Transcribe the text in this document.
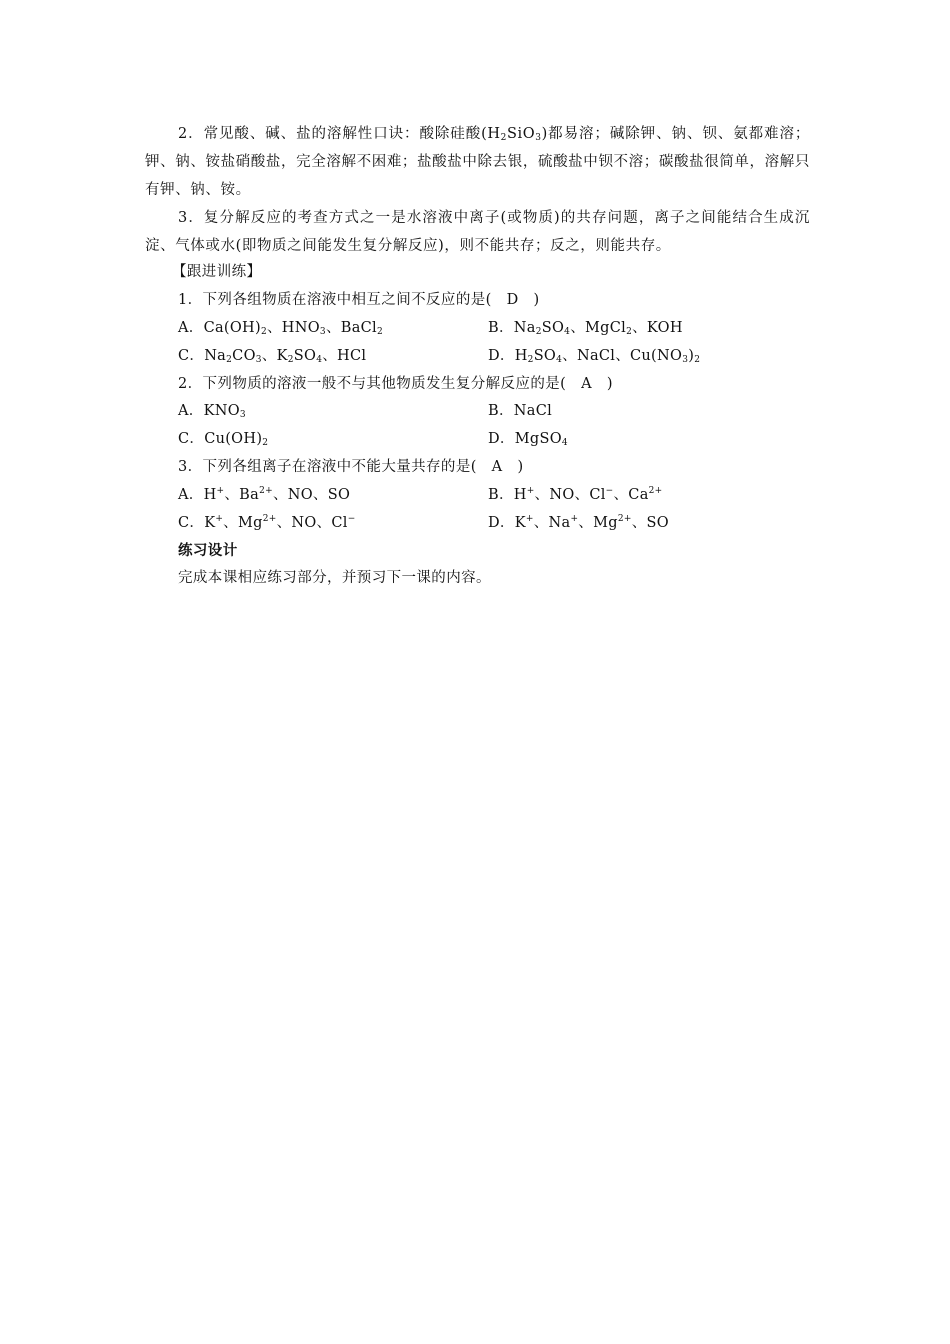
2．常见酸、碱、盐的溶解性口诀：酸除硅酸$(H_2SiO_3)$都易溶；碱除钾、钠、钡、氨都难溶；钾、钠、铵盐硝酸盐，完全溶解不困难；盐酸盐中除去银，硫酸盐中钡不溶；碳酸盐很简单，溶解只有钾、钠、铵。
3．复分解反应的考查方式之一是水溶液中离子(或物质)的共存问题，离子之间能结合生成沉淀、气体或水(即物质之间能发生复分解反应)，则不能共存；反之，则能共存。
【跟进训练】
1．下列各组物质在溶液中相互之间不反应的是(　D　)
A．$Ca(OH)_2$、$HNO_3$、BaCl$_2$	B．$Na_2SO_4$、MgCl$_2$、KOH
C．$Na_2CO_3$、$K_2SO_4$、HCl	D．$H_2SO_4$、NaCl、$Cu(NO_3)_2$
2．下列物质的溶液一般不与其他物质发生复分解反应的是(　A　)
A．$KNO_3$	B．NaCl
C．$Cu(OH)_2$	D．MgSO$_4$
3．下列各组离子在溶液中不能大量共存的是(　A　)
A．H+、$Ba^{2+}$、NO、SO	B．H+、NO、Cl−、$Ca^{2+}$
C．K+、$Mg^{2+}$、NO、Cl−	D．K+、Na+、$Mg^{2+}$、SO
练习设计
完成本课相应练习部分，并预习下一课的内容。
